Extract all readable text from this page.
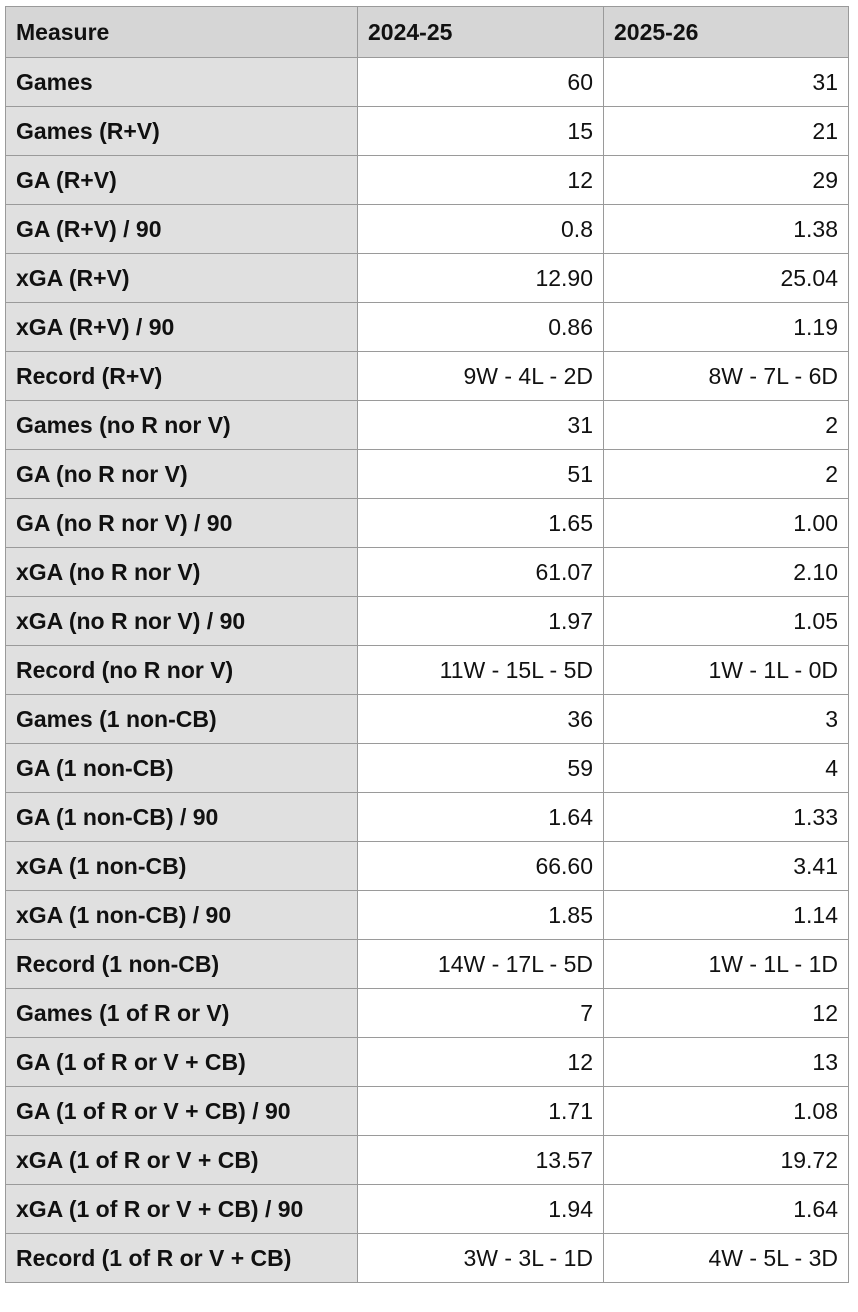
Measure	2024-25	2025-26
Games	60	31
Games (R+V)	15	21
GA (R+V)	12	29
GA (R+V) / 90	0.8	1.38
xGA (R+V)	12.90	25.04
xGA (R+V) / 90	0.86	1.19
Record (R+V)	9W - 4L - 2D	8W - 7L - 6D
Games (no R nor V)	31	2
GA (no R nor V)	51	2
GA (no R nor V) / 90	1.65	1.00
xGA (no R nor V)	61.07	2.10
xGA (no R nor V) / 90	1.97	1.05
Record (no R nor V)	11W - 15L - 5D	1W - 1L - 0D
Games (1 non-CB)	36	3
GA (1 non-CB)	59	4
GA (1 non-CB) / 90	1.64	1.33
xGA (1 non-CB)	66.60	3.41
xGA (1 non-CB) / 90	1.85	1.14
Record (1 non-CB)	14W - 17L - 5D	1W - 1L - 1D
Games (1 of R or V)	7	12
GA (1 of R or V + CB)	12	13
GA (1 of R or V + CB) / 90	1.71	1.08
xGA (1 of R or V + CB)	13.57	19.72
xGA (1 of R or V + CB) / 90	1.94	1.64
Record (1 of R or V + CB)	3W - 3L - 1D	4W - 5L - 3D
